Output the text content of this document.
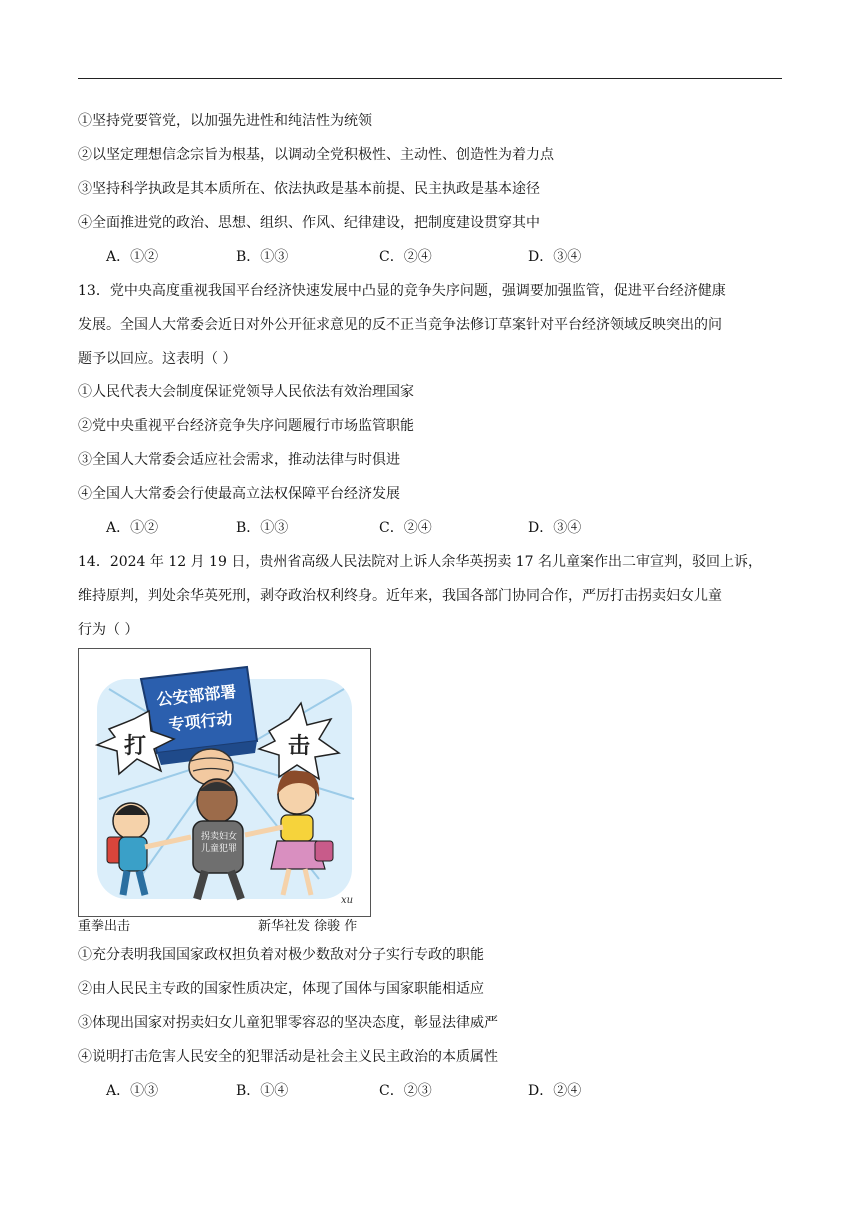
①坚持党要管党，以加强先进性和纯洁性为统领
②以坚定理想信念宗旨为根基，以调动全党积极性、主动性、创造性为着力点
③坚持科学执政是其本质所在、依法执政是基本前提、民主执政是基本途径
④全面推进党的政治、思想、组织、作风、纪律建设，把制度建设贯穿其中
A．①②	B．①③	C．②④	D．③④
13．党中央高度重视我国平台经济快速发展中凸显的竞争失序问题，强调要加强监管，促进平台经济健康
发展。全国人大常委会近日对外公开征求意见的反不正当竞争法修订草案针对平台经济领域反映突出的问
题予以回应。这表明（ ）
①人民代表大会制度保证党领导人民依法有效治理国家
②党中央重视平台经济竞争失序问题履行市场监管职能
③全国人大常委会适应社会需求，推动法律与时俱进
④全国人大常委会行使最高立法权保障平台经济发展
A．①②	B．①③	C．②④	D．③④
14．2024 年 12 月 19 日，贵州省高级人民法院对上诉人余华英拐卖 17 名儿童案作出二审宣判，驳回上诉，
维持原判，判处余华英死刑，剥夺政治权利终身。近年来，我国各部门协同合作，严厉打击拐卖妇女儿童
行为（ ）
公安部部署
专项行动
打	击
拐卖妇女
儿童犯罪
xu
重拳出击	新华社发 徐骏 作
①充分表明我国国家政权担负着对极少数敌对分子实行专政的职能
②由人民民主专政的国家性质决定，体现了国体与国家职能相适应
③体现出国家对拐卖妇女儿童犯罪零容忍的坚决态度，彰显法律威严
④说明打击危害人民安全的犯罪活动是社会主义民主政治的本质属性
A．①③	B．①④	C．②③	D．②④
